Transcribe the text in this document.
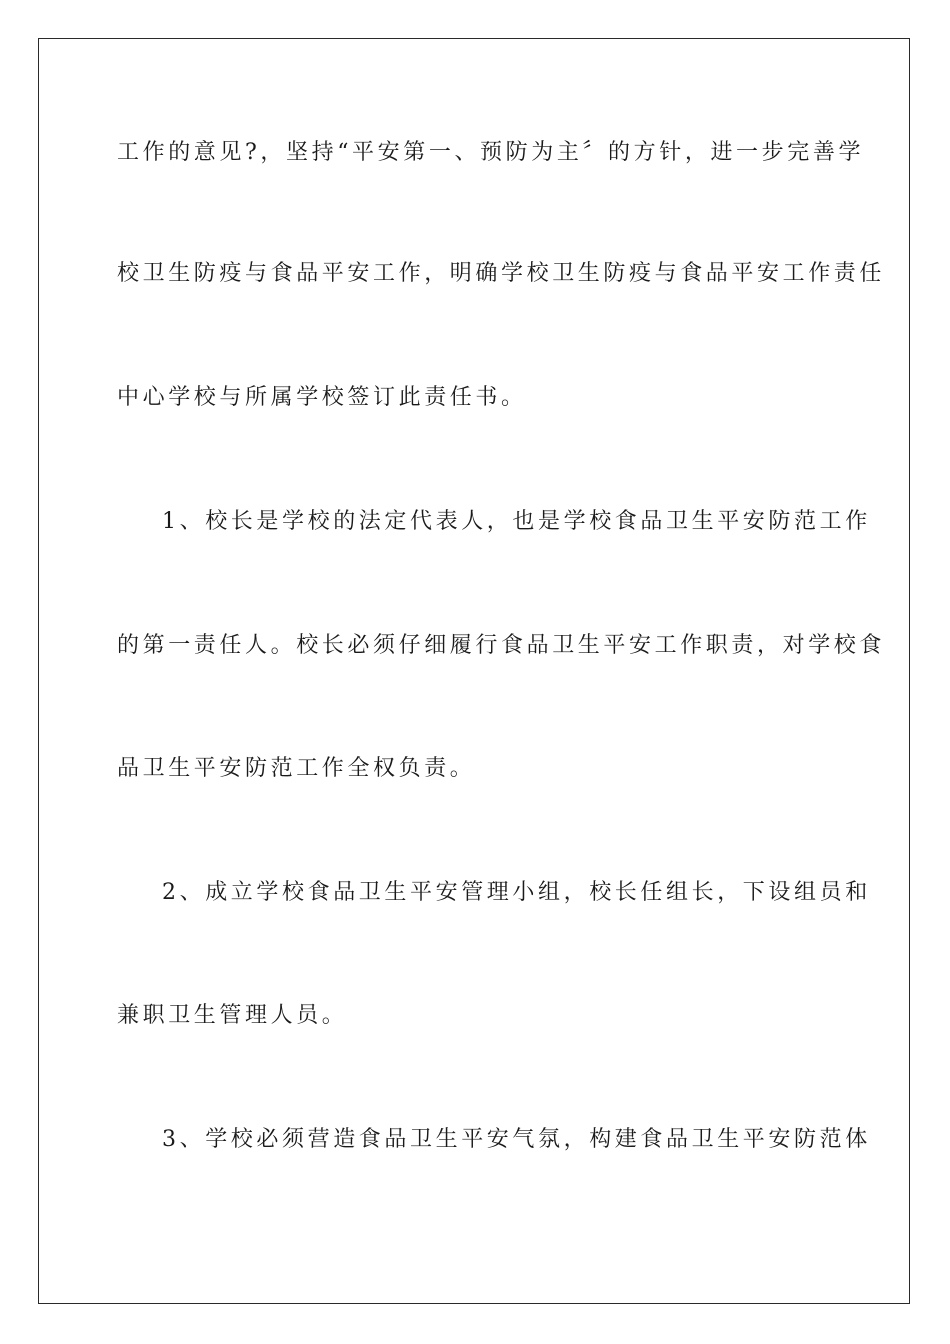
工作的意见?，坚持“平安第一、预防为主〞的方针，进一步完善学
校卫生防疫与食品平安工作，明确学校卫生防疫与食品平安工作责任
中心学校与所属学校签订此责任书。
1、校长是学校的法定代表人，也是学校食品卫生平安防范工作
的第一责任人。校长必须仔细履行食品卫生平安工作职责，对学校食
品卫生平安防范工作全权负责。
2、成立学校食品卫生平安管理小组，校长任组长，下设组员和
兼职卫生管理人员。
3、学校必须营造食品卫生平安气氛，构建食品卫生平安防范体
